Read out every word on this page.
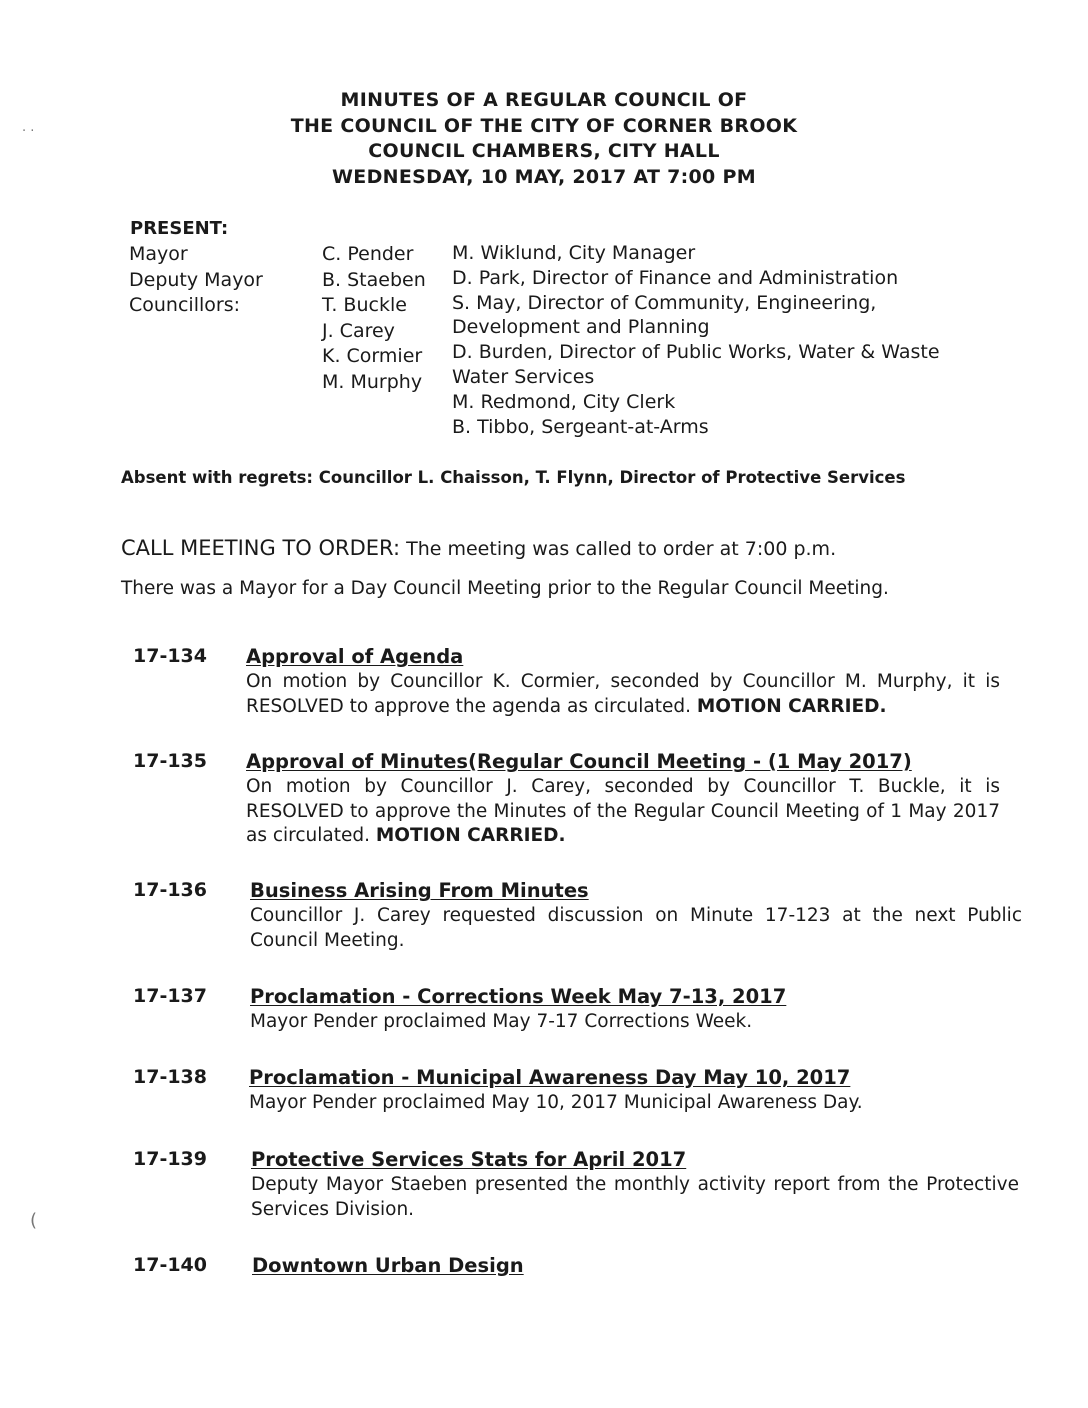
MINUTES OF A REGULAR COUNCIL OF
THE COUNCIL OF THE CITY OF CORNER BROOK
COUNCIL CHAMBERS, CITY HALL
WEDNESDAY, 10 MAY, 2017 AT 7:00 PM
PRESENT:
Mayor
Deputy Mayor
Councillors:
C. Pender
B. Staeben
T. Buckle
J. Carey
K. Cormier
M. Murphy
M. Wiklund, City Manager
D. Park, Director of Finance and Administration
S. May, Director of Community, Engineering,
Development and Planning
D. Burden, Director of Public Works, Water & Waste
Water Services
M. Redmond, City Clerk
B. Tibbo, Sergeant-at-Arms
Absent with regrets: Councillor L. Chaisson, T. Flynn, Director of Protective Services
CALL MEETING TO ORDER: The meeting was called to order at 7:00 p.m.
There was a Mayor for a Day Council Meeting prior to the Regular Council Meeting.
17-134 Approval of Agenda
On motion by Councillor K. Cormier, seconded by Councillor M. Murphy, it is RESOLVED to approve the agenda as circulated. MOTION CARRIED.
17-135 Approval of Minutes(Regular Council Meeting - (1 May 2017)
On motion by Councillor J. Carey, seconded by Councillor T. Buckle, it is RESOLVED to approve the Minutes of the Regular Council Meeting of 1 May 2017 as circulated. MOTION CARRIED.
17-136 Business Arising From Minutes
Councillor J. Carey requested discussion on Minute 17-123 at the next Public Council Meeting.
17-137 Proclamation - Corrections Week May 7-13, 2017
Mayor Pender proclaimed May 7-17 Corrections Week.
17-138 Proclamation - Municipal Awareness Day May 10, 2017
Mayor Pender proclaimed May 10, 2017 Municipal Awareness Day.
17-139 Protective Services Stats for April 2017
Deputy Mayor Staeben presented the monthly activity report from the Protective Services Division.
17-140 Downtown Urban Design
· ·
(
